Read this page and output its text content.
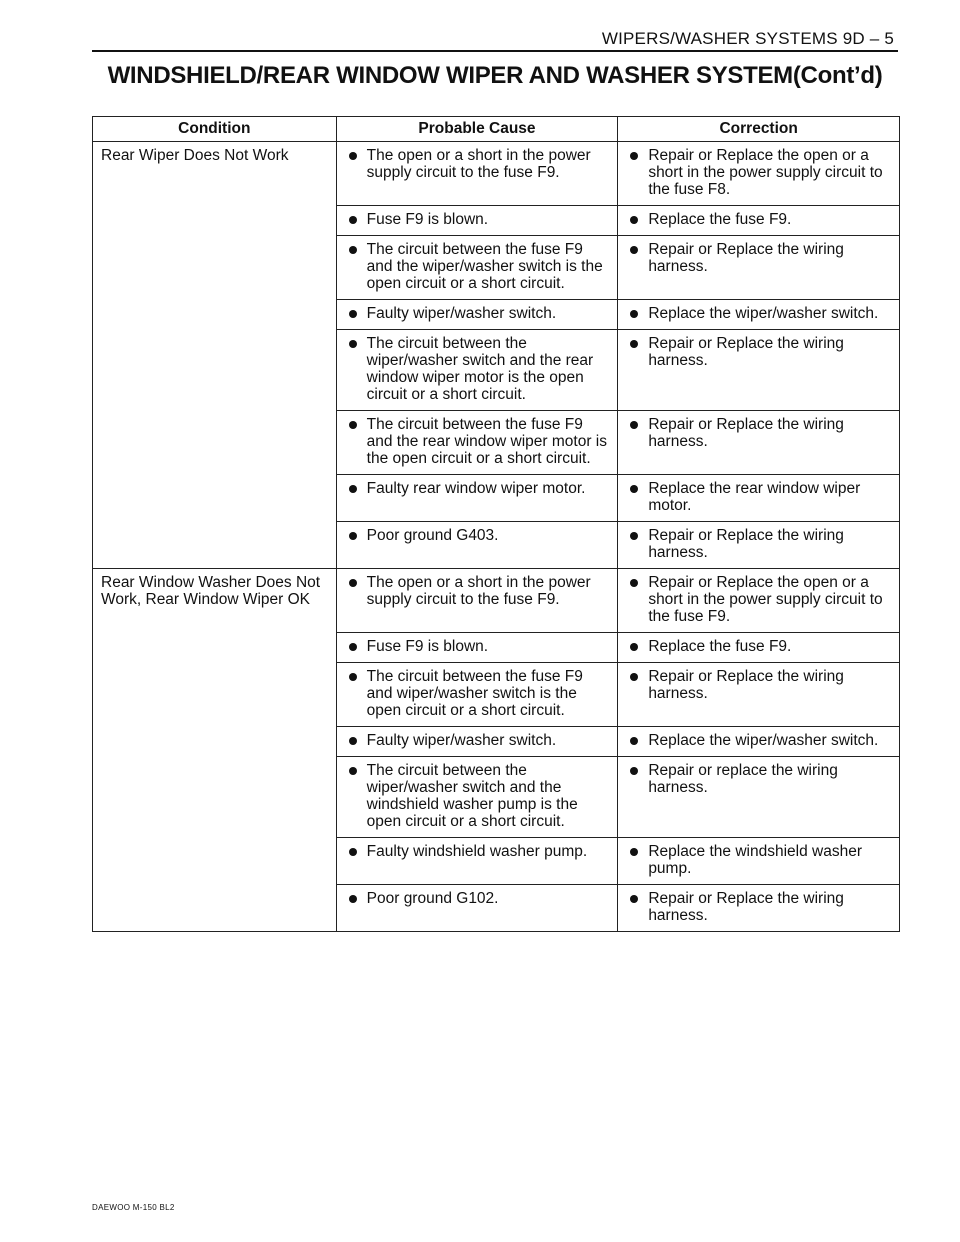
WIPERS/WASHER SYSTEMS 9D – 5
WINDSHIELD/REAR WINDOW WIPER AND WASHER SYSTEM(Cont’d)
Condition	Probable Cause	Correction
Rear Wiper Does Not Work	The open or a short in the power supply circuit to the fuse F9.	Repair or Replace the open or a short in the power supply circuit to the fuse F8.

	Fuse F9 is blown.	Replace the fuse F9.

	The circuit between the fuse F9 and the wiper/washer switch is the open circuit or a short circuit.	Repair or Replace the wiring harness.

	Faulty wiper/washer switch.	Replace the wiper/washer switch.

	The circuit between the wiper/washer switch and the rear window wiper motor is the open circuit or a short circuit.	Repair or Replace the wiring harness.

	The circuit between the fuse F9 and the rear window wiper motor is the open circuit or a short circuit.	Repair or Replace the wiring harness.

	Faulty rear window wiper motor.	Replace the rear window wiper motor.

	Poor ground G403.	Repair or Replace the wiring harness.

Rear Window Washer Does Not Work, Rear Window Wiper OK	The open or a short in the power supply circuit to the fuse F9.	Repair or Replace the open or a short in the power supply circuit to the fuse F9.

	Fuse F9 is blown.	Replace the fuse F9.

	The circuit between the fuse F9 and wiper/washer switch is the open circuit or a short circuit.	Repair or Replace the wiring harness.

	Faulty wiper/washer switch.	Replace the wiper/washer switch.

	The circuit between the wiper/washer switch and the windshield washer pump is the open circuit or a short circuit.	Repair or replace the wiring harness.

	Faulty windshield washer pump.	Replace the windshield washer pump.

	Poor ground G102.	Repair or Replace the wiring harness.
DAEWOO M-150 BL2
